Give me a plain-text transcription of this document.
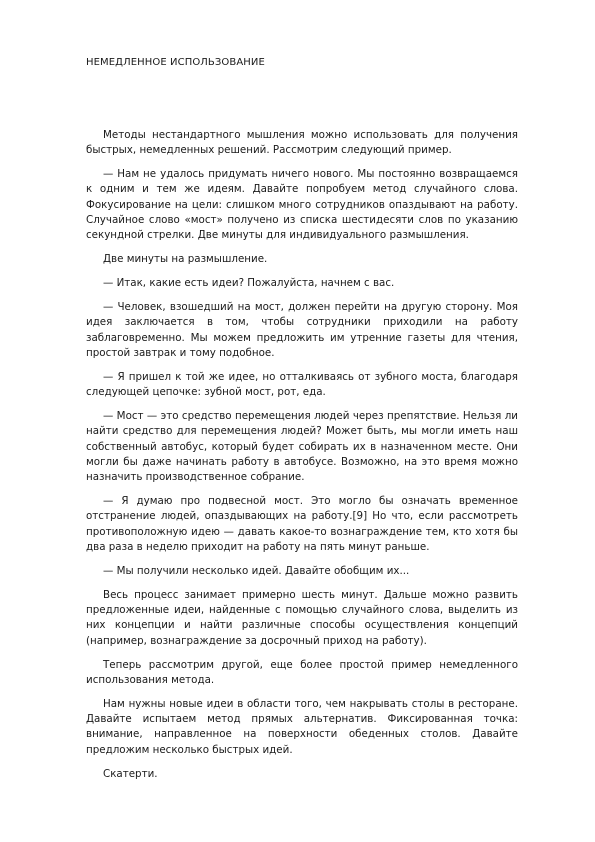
НЕМЕДЛЕННОЕ ИСПОЛЬЗОВАНИЕ

Методы нестандартного мышления можно использовать для получения быстрых, немедленных решений. Рассмотрим следующий пример.

— Нам не удалось придумать ничего нового. Мы постоянно возвращаемся к одним и тем же идеям. Давайте попробуем метод случайного слова. Фокусирование на цели: слишком много сотрудников опаздывают на работу. Случайное слово «мост» получено из списка шестидесяти слов по указанию секундной стрелки. Две минуты для индивидуального размышления.

Две минуты на размышление.

— Итак, какие есть идеи? Пожалуйста, начнем с вас.

— Человек, взошедший на мост, должен перейти на другую сторону. Моя идея заключается в том, чтобы сотрудники приходили на работу заблаговременно. Мы можем предложить им утренние газеты для чтения, простой завтрак и тому подобное.

— Я пришел к той же идее, но отталкиваясь от зубного моста, благодаря следующей цепочке: зубной мост, рот, еда.

— Мост — это средство перемещения людей через препятствие. Нельзя ли найти средство для перемещения людей? Может быть, мы могли иметь наш собственный автобус, который будет собирать их в назначенном месте. Они могли бы даже начинать работу в автобусе. Возможно, на это время можно назначить производственное собрание.

— Я думаю про подвесной мост. Это могло бы означать временное отстранение людей, опаздывающих на работу.[9] Но что, если рассмотреть противоположную идею — давать какое-то вознаграждение тем, кто хотя бы два раза в неделю приходит на работу на пять минут раньше.

— Мы получили несколько идей. Давайте обобщим их...

Весь процесс занимает примерно шесть минут. Дальше можно развить предложенные идеи, найденные с помощью случайного слова, выделить из них концепции и найти различные способы осуществления концепций (например, вознаграждение за досрочный приход на работу).

Теперь рассмотрим другой, еще более простой пример немедленного использования метода.

Нам нужны новые идеи в области того, чем накрывать столы в ресторане. Давайте испытаем метод прямых альтернатив. Фиксированная точка: внимание, направленное на поверхности обеденных столов. Давайте предложим несколько быстрых идей.

Скатерти.
